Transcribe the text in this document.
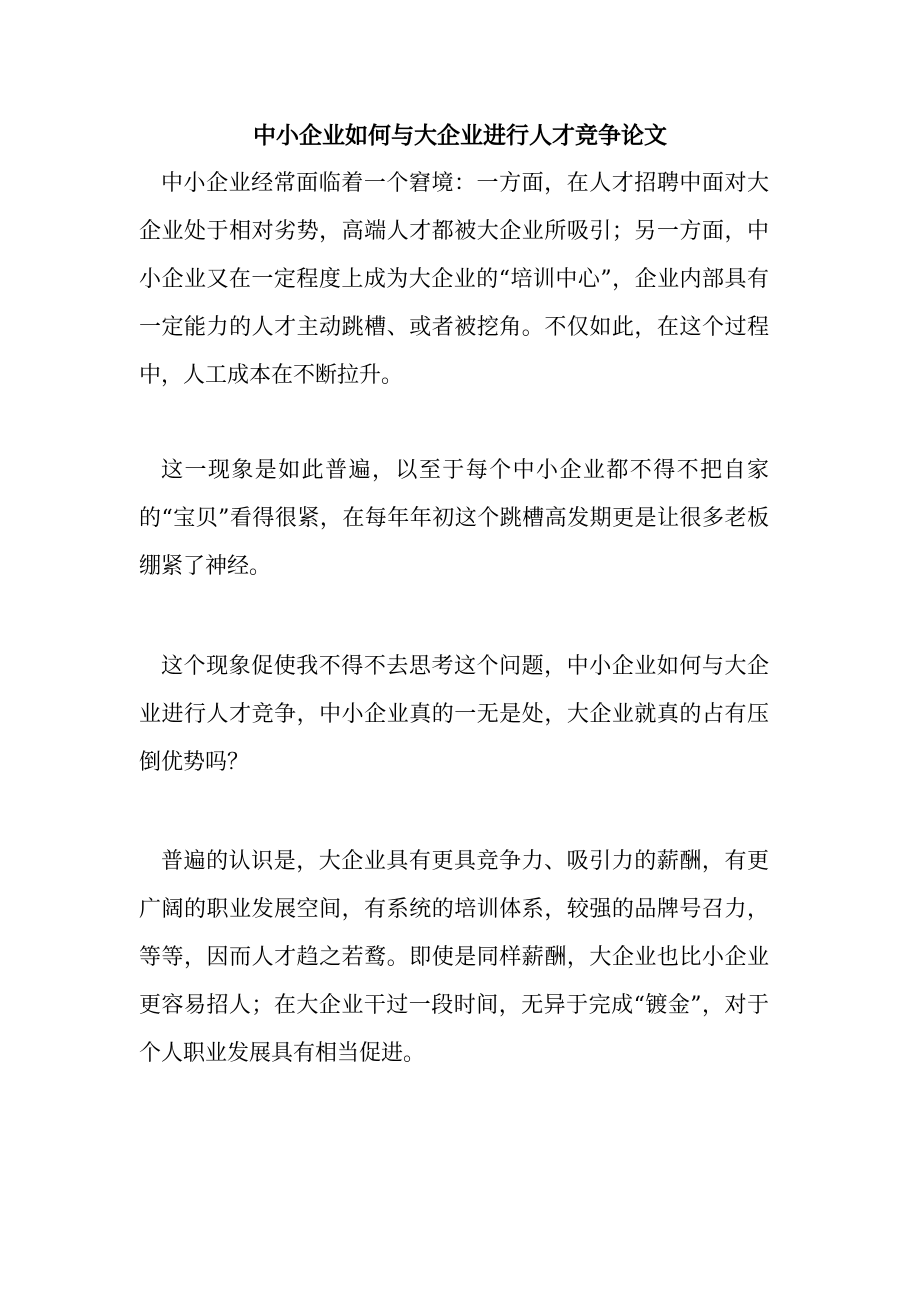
中小企业如何与大企业进行人才竞争论文

中小企业经常面临着一个窘境：一方面，在人才招聘中面对大企业处于相对劣势，高端人才都被大企业所吸引；另一方面，中小企业又在一定程度上成为大企业的“培训中心”，企业内部具有一定能力的人才主动跳槽、或者被挖角。不仅如此，在这个过程中，人工成本在不断拉升。

这一现象是如此普遍，以至于每个中小企业都不得不把自家的“宝贝”看得很紧，在每年年初这个跳槽高发期更是让很多老板绷紧了神经。

这个现象促使我不得不去思考这个问题，中小企业如何与大企业进行人才竞争，中小企业真的一无是处，大企业就真的占有压倒优势吗？

普遍的认识是，大企业具有更具竞争力、吸引力的薪酬，有更广阔的职业发展空间，有系统的培训体系，较强的品牌号召力，等等，因而人才趋之若鹜。即使是同样薪酬，大企业也比小企业更容易招人；在大企业干过一段时间，无异于完成“镀金”，对于个人职业发展具有相当促进。
